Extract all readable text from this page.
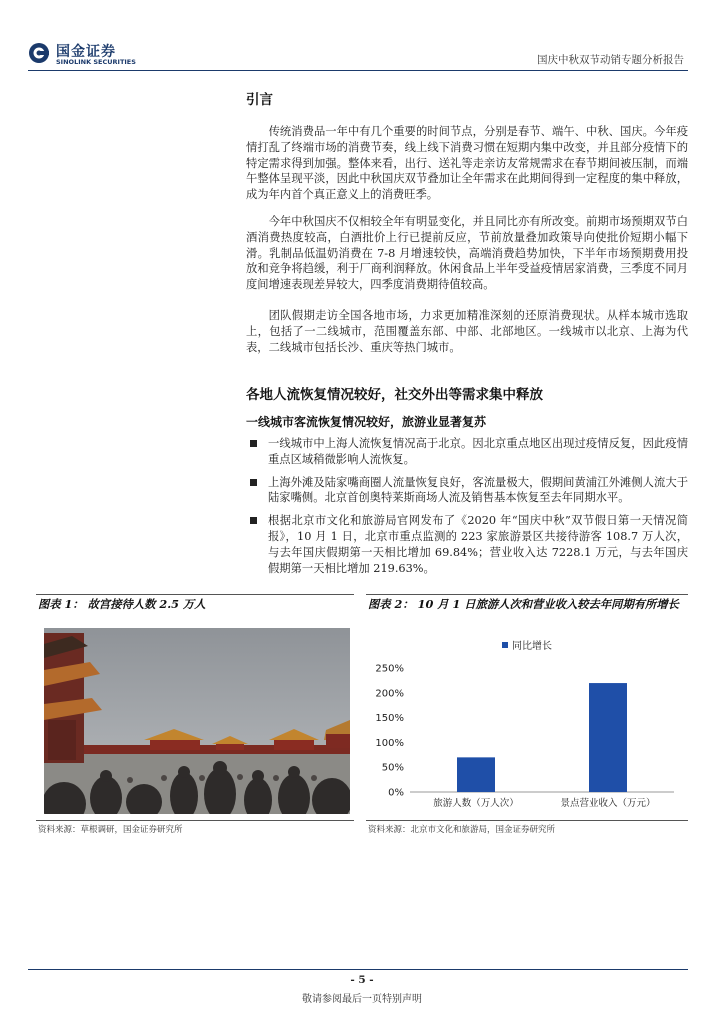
国金证券
SINOLINK SECURITIES	国庆中秋双节动销专题分析报告
引言

传统消费品一年中有几个重要的时间节点，分别是春节、端午、中秋、国庆。今年疫情打乱了终端市场的消费节奏，线上线下消费习惯在短期内集中改变，并且部分疫情下的特定需求得到加强。整体来看，出行、送礼等走亲访友常规需求在春节期间被压制，而端午整体呈现平淡，因此中秋国庆双节叠加让全年需求在此期间得到一定程度的集中释放，成为年内首个真正意义上的消费旺季。

今年中秋国庆不仅相较全年有明显变化，并且同比亦有所改变。前期市场预期双节白酒消费热度较高，白酒批价上行已提前反应，节前放量叠加政策导向使批价短期小幅下滑。乳制品低温奶消费在 7-8 月增速较快，高端消费趋势加快，下半年市场预期费用投放和竞争将趋缓，利于厂商利润释放。休闲食品上半年受益疫情居家消费，三季度不同月度间增速表现差异较大，四季度消费期待值较高。

团队假期走访全国各地市场，力求更加精准深刻的还原消费现状。从样本城市选取上，包括了一二线城市，范围覆盖东部、中部、北部地区。一线城市以北京、上海为代表，二线城市包括长沙、重庆等热门城市。

各地人流恢复情况较好，社交外出等需求集中释放
一线城市客流恢复情况较好，旅游业显著复苏
一线城市中上海人流恢复情况高于北京。因北京重点地区出现过疫情反复，因此疫情重点区域稍微影响人流恢复。
上海外滩及陆家嘴商圈人流量恢复良好，客流量极大，假期间黄浦江外滩侧人流大于陆家嘴侧。北京首创奥特莱斯商场人流及销售基本恢复至去年同期水平。
根据北京市文化和旅游局官网发布了《2020 年“国庆中秋”双节假日第一天情况简报》，10 月 1 日，北京市重点监测的 223 家旅游景区共接待游客 108.7 万人次，与去年国庆假期第一天相比增加 69.84%；营业收入达 7228.1 万元，与去年国庆假期第一天相比增加 219.63%。
图表 1： 故宫接待人数 2.5 万人
资料来源：草根调研，国金证券研究所
图表 2： 10 月 1 日旅游人次和营业收入较去年同期有所增长
同比增长
0%
50%
100%
150%
200%
250%
旅游人数（万人次）	景点营业收入（万元）
资料来源：北京市文化和旅游局，国金证券研究所
- 5 -
敬请参阅最后一页特别声明
